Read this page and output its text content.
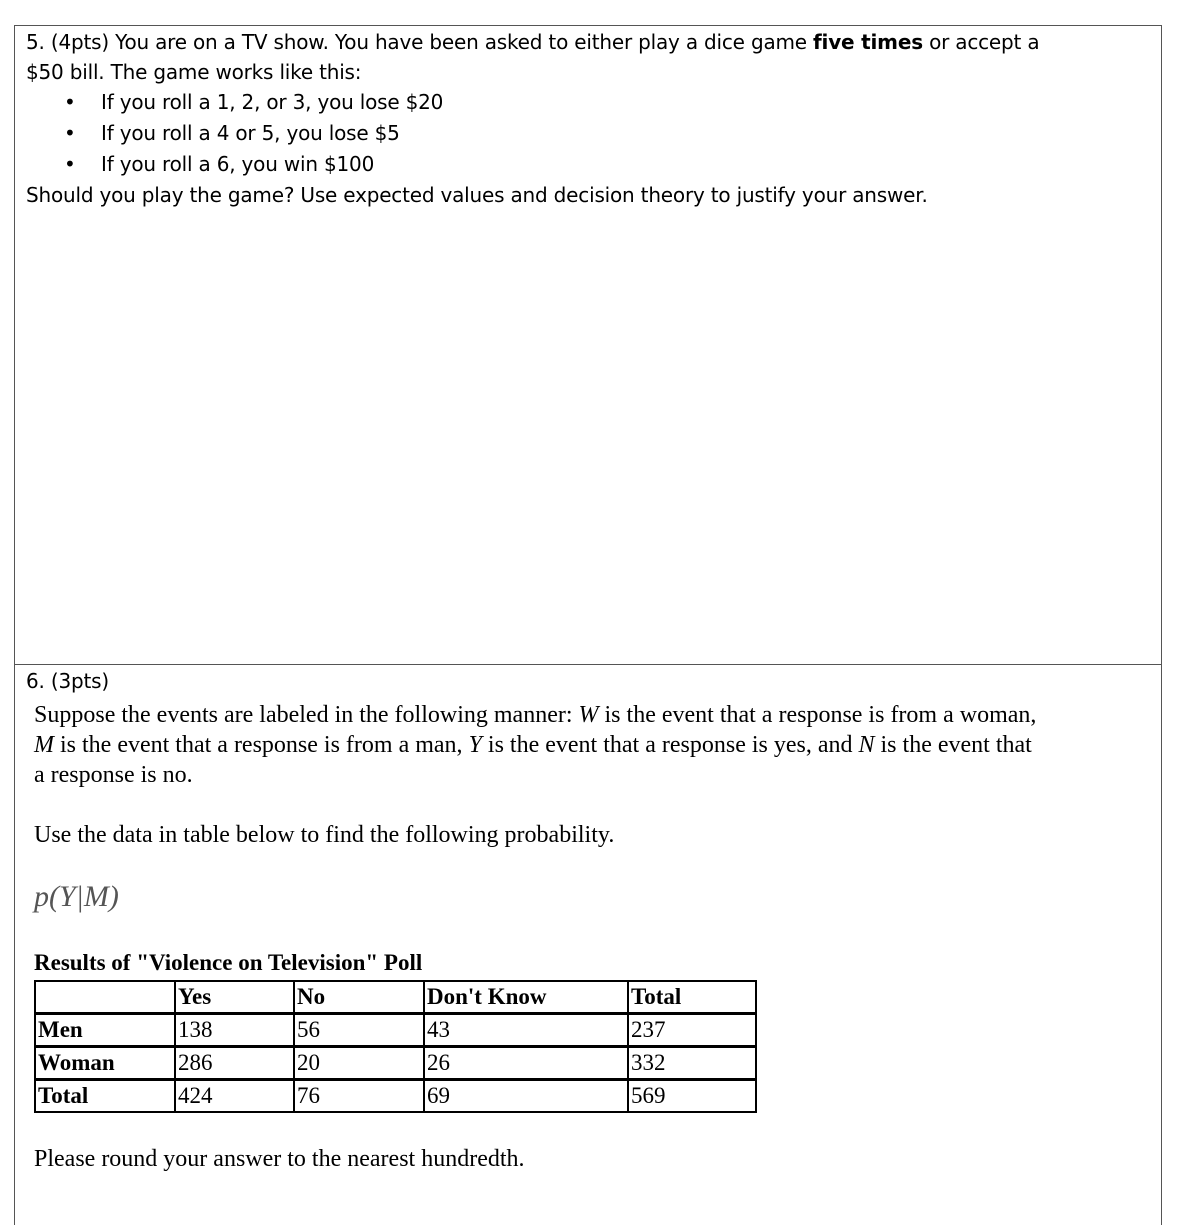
5. (4pts) You are on a TV show. You have been asked to either play a dice game five times or accept a

$50 bill. The game works like this:

• If you roll a 1, 2, or 3, you lose $20
• If you roll a 4 or 5, you lose $5
• If you roll a 6, you win $100

Should you play the game? Use expected values and decision theory to justify your answer.

6. (3pts)

Suppose the events are labeled in the following manner: W is the event that a response is from a woman,
M is the event that a response is from a man, Y is the event that a response is yes, and N is the event that
a response is no.

Use the data in table below to find the following probability.

p(Y|M)
Results of "Violence on Television" Poll
	Yes	No	Don't Know	Total
Men	138	56	43	237
Woman	286	20	26	332
Total	424	76	69	569
Please round your answer to the nearest hundredth.
